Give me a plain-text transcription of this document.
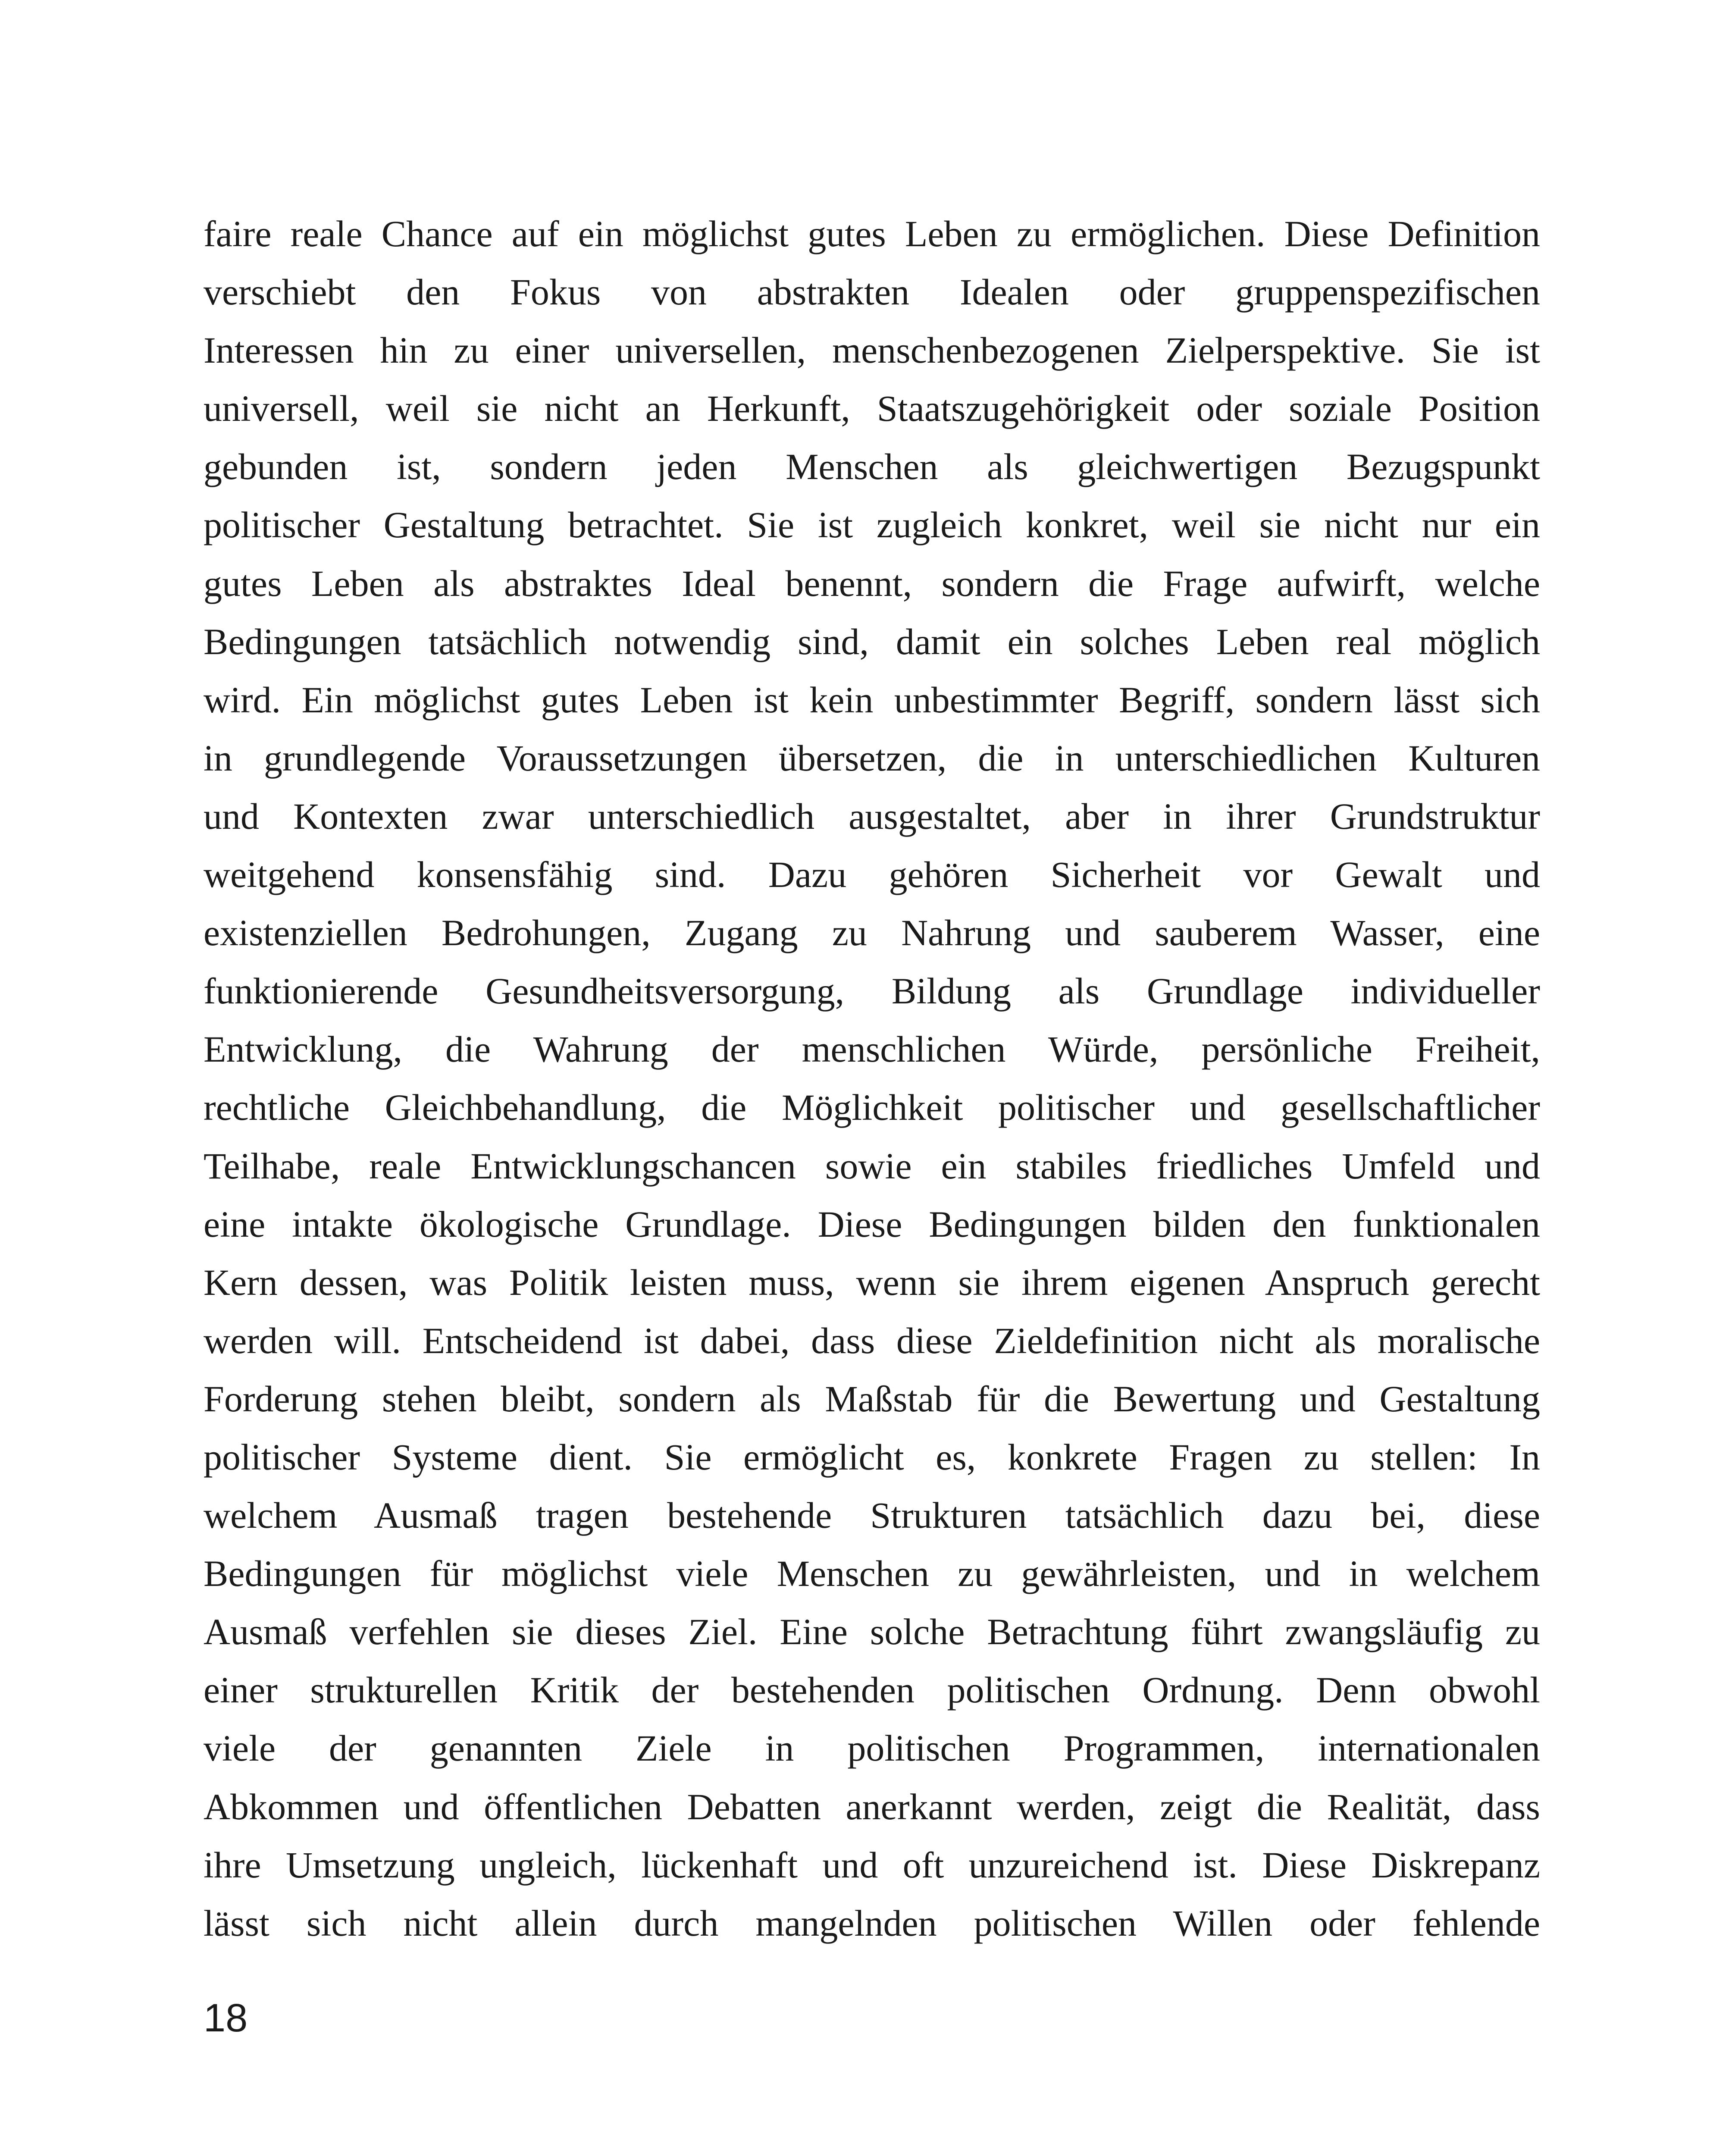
faire reale Chance auf ein möglichst gutes Leben zu ermöglichen. Diese Definition
verschiebt den Fokus von abstrakten Idealen oder gruppenspezifischen
Interessen hin zu einer universellen, menschenbezogenen Zielperspektive. Sie ist
universell, weil sie nicht an Herkunft, Staatszugehörigkeit oder soziale Position
gebunden ist, sondern jeden Menschen als gleichwertigen Bezugspunkt
politischer Gestaltung betrachtet. Sie ist zugleich konkret, weil sie nicht nur ein
gutes Leben als abstraktes Ideal benennt, sondern die Frage aufwirft, welche
Bedingungen tatsächlich notwendig sind, damit ein solches Leben real möglich
wird. Ein möglichst gutes Leben ist kein unbestimmter Begriff, sondern lässt sich
in grundlegende Voraussetzungen übersetzen, die in unterschiedlichen Kulturen
und Kontexten zwar unterschiedlich ausgestaltet, aber in ihrer Grundstruktur
weitgehend konsensfähig sind. Dazu gehören Sicherheit vor Gewalt und
existenziellen Bedrohungen, Zugang zu Nahrung und sauberem Wasser, eine
funktionierende Gesundheitsversorgung, Bildung als Grundlage individueller
Entwicklung, die Wahrung der menschlichen Würde, persönliche Freiheit,
rechtliche Gleichbehandlung, die Möglichkeit politischer und gesellschaftlicher
Teilhabe, reale Entwicklungschancen sowie ein stabiles friedliches Umfeld und
eine intakte ökologische Grundlage. Diese Bedingungen bilden den funktionalen
Kern dessen, was Politik leisten muss, wenn sie ihrem eigenen Anspruch gerecht
werden will. Entscheidend ist dabei, dass diese Zieldefinition nicht als moralische
Forderung stehen bleibt, sondern als Maßstab für die Bewertung und Gestaltung
politischer Systeme dient. Sie ermöglicht es, konkrete Fragen zu stellen: In
welchem Ausmaß tragen bestehende Strukturen tatsächlich dazu bei, diese
Bedingungen für möglichst viele Menschen zu gewährleisten, und in welchem
Ausmaß verfehlen sie dieses Ziel. Eine solche Betrachtung führt zwangsläufig zu
einer strukturellen Kritik der bestehenden politischen Ordnung. Denn obwohl
viele der genannten Ziele in politischen Programmen, internationalen
Abkommen und öffentlichen Debatten anerkannt werden, zeigt die Realität, dass
ihre Umsetzung ungleich, lückenhaft und oft unzureichend ist. Diese Diskrepanz
lässt sich nicht allein durch mangelnden politischen Willen oder fehlende
18
